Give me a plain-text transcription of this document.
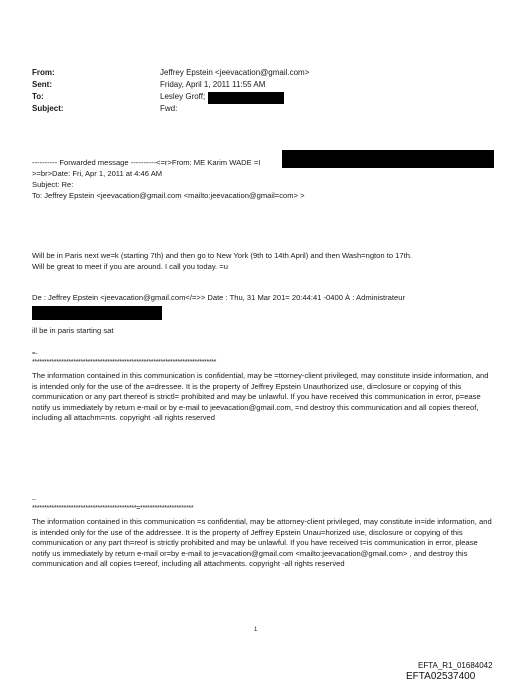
From:	Jeffrey Epstein <jeevacation@gmail.com>
Sent:	Friday, April 1, 2011 11:55 AM
To:	Lesley Groff;
Subject:	Fwd:
---------- Forwarded message ----------<=r>From: ME Karim WADE =I
>=br>Date: Fri, Apr 1, 2011 at 4:46 AM
Subject: Re:
To: Jeffrey Epstein <jeevacation@gmail.com <mailto:jeevacation@gmail=com> >
Will be in Paris next we=k (starting 7th) and then go to New York (9th to 14th April) and then Wash=ngton to 17th.
Will be great to meet if you are around. I call you today. =u
De : Jeffrey Epstein <jeevacation@gmail.com</=>> Date : Thu, 31 Mar 201= 20:44:41 -0400 À : Administrateur
ill be in paris starting sat
=-
****************************************************************************
The information contained in this communication is confidential, may be =ttorney-client privileged, may constitute inside information, and is intended only for the use of the a=dressee. It is the property of Jeffrey Epstein Unauthorized use, di=closure or copying of this communication or any part thereof is strictl= prohibited and may be unlawful. If you have received this communication in error, p=ease notify us immediately by return e-mail or by e-mail to jeevacation@gmail.com, =nd destroy this communication and all copies thereof, including all attachm=nts. copyright -all rights reserved
--
*******************************************=**********************
The information contained in this communication =s confidential, may be attorney-client privileged, may constitute in=ide information, and is intended only for the use of the addressee. It is the property of Jeffrey Epstein Unau=horized use, disclosure or copying of this communication or any part th=reof is strictly prohibited and may be unlawful. If you have received t=is communication in error, please notify us immediately by return e-mail or=by e-mail to je=vacation@gmail.com <mailto:jeevacation@gmail.com> , and destroy this communication and all copies t=ereof, including all attachments. copyright -all rights reserved
1
EFTA_R1_01684042
EFTA02537400
